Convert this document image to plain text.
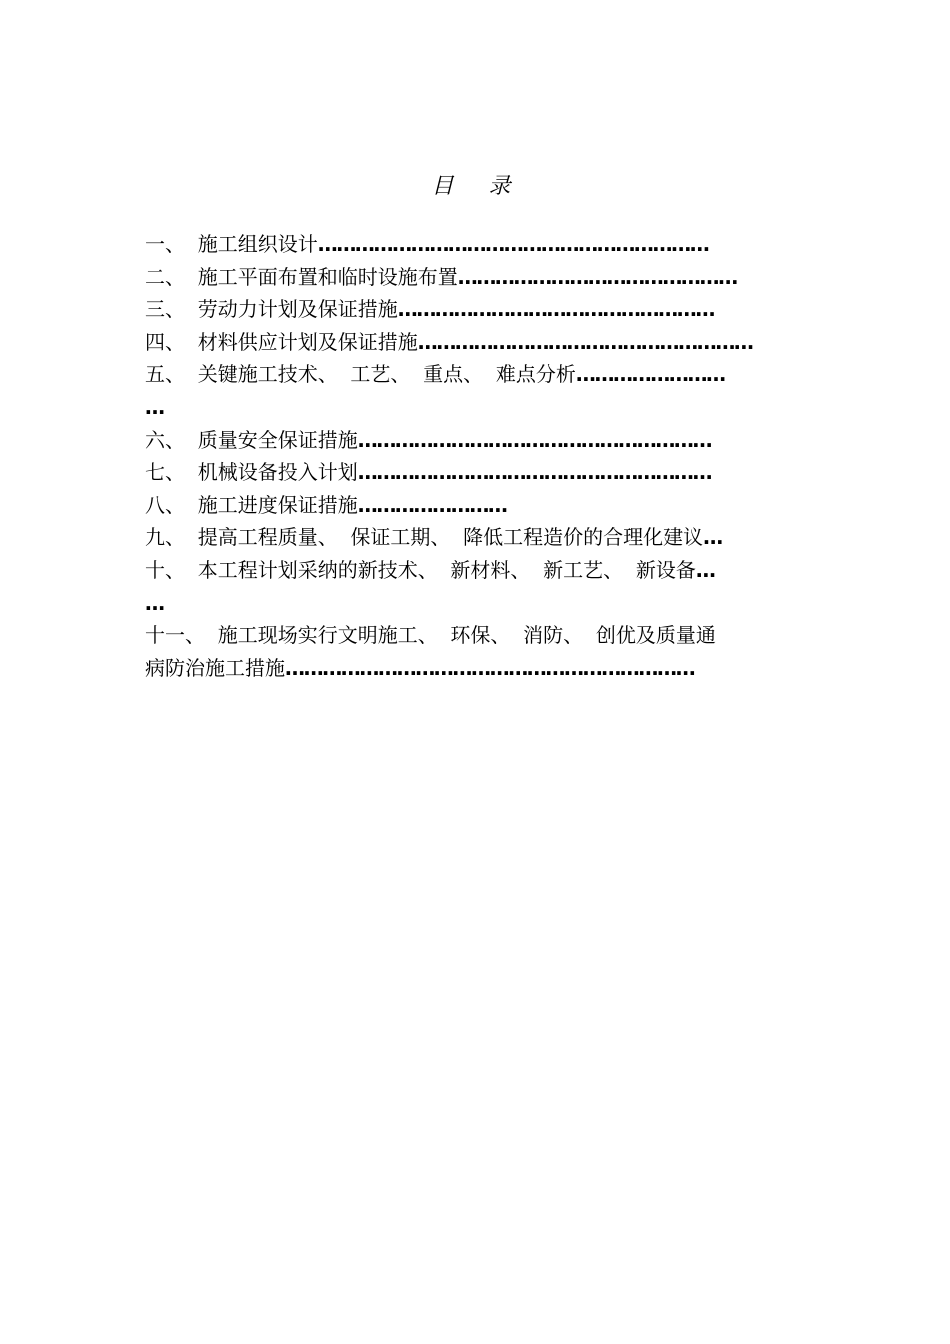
目 录
一、  施工组织设计………………………………………………………
二、  施工平面布置和临时设施布置………………………………………
三、  劳动力计划及保证措施……………………………………………
四、  材料供应计划及保证措施………………………………………………
五、  关键施工技术、  工艺、  重点、  难点分析……………………
…
六、  质量安全保证措施…………………………………………………
七、  机械设备投入计划…………………………………………………
八、  施工进度保证措施……………………
九、  提高工程质量、  保证工期、  降低工程造价的合理化建议…
十、  本工程计划采纳的新技术、  新材料、  新工艺、  新设备…
…
十一、  施工现场实行文明施工、  环保、  消防、  创优及质量通
病防治施工措施…………………………………………………………
